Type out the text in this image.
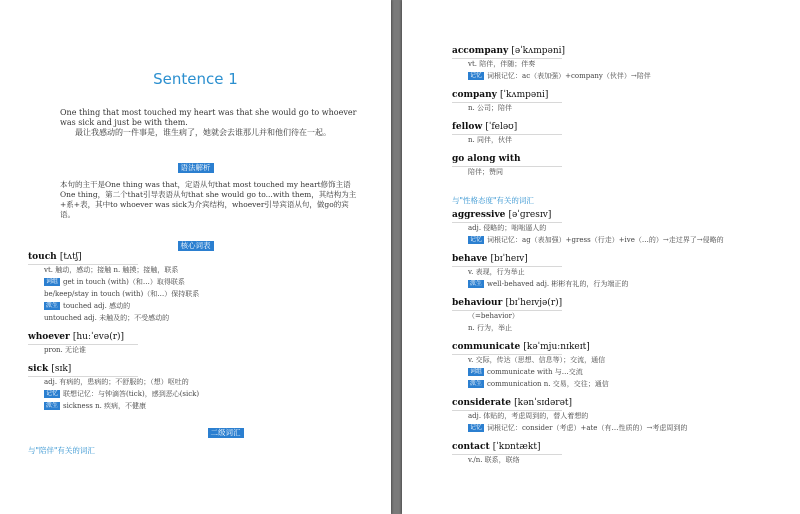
Sentence 1
One thing that most touched my heart was that she would go to whoever was sick and just be with them.
最让我感动的一件事是，谁生病了，她就会去谁那儿并和他们待在一起。
语法解析
本句的主干是One thing was that，定语从句that most touched my heart修饰主语One thing，第二个that引导表语从句that she would go to...with them，其结构为主+系+表，其中to whoever was sick为介宾结构，whoever引导宾语从句，做go的宾语。
核心词表
touch [tʌtʃ]
vt. 触动，感动；接触 n. 触摸；接触，联系
词组 get in touch (with)（和…）取得联系
be/keep/stay in touch (with)（和…）保持联系
派生 touched adj. 感动的
untouched adj. 未触及的；不受感动的
whoever [huːˈevə(r)]
pron. 无论谁
sick [sɪk]
adj. 有病的，患病的；不舒服的；（想）呕吐的
记忆 联想记忆：与钟滴答(tick)，感到恶心(sick)
派生 sickness n. 疾病，不健康
二级词汇
与"陪伴"有关的词汇
accompany [əˈkʌmpəni]
vt. 陪伴，伴随；伴奏
记忆 词根记忆：ac（表加强）+company（伙伴）→陪伴
company [ˈkʌmpəni]
n. 公司；陪伴
fellow [ˈfeləʊ]
n. 同伴，伙伴
go along with
陪伴；赞同
aggressive [əˈɡresɪv]
adj. 侵略的；咄咄逼人的
记忆 词根记忆：ag（表加强）+gress（行走）+ive（…的）→走过界了→侵略的
behave [bɪˈheɪv]
v. 表现，行为举止
派生 well-behaved adj. 彬彬有礼的，行为端正的
behaviour [bɪˈheɪvjə(r)]
（=behavior）
n. 行为，举止
communicate [kəˈmjuːnɪkeɪt]
v. 交际，传达（思想、信息等）；交流，通信
词组 communicate with 与…交流
派生 communication n. 交易，交往；通信
considerate [kənˈsɪdərət]
adj. 体贴的，考虑周到的，替人着想的
记忆 词根记忆：consider（考虑）+ate（有…性质的）→考虑周到的
contact [ˈkɒntækt]
v./n. 联系，联络
与"性格态度"有关的词汇
